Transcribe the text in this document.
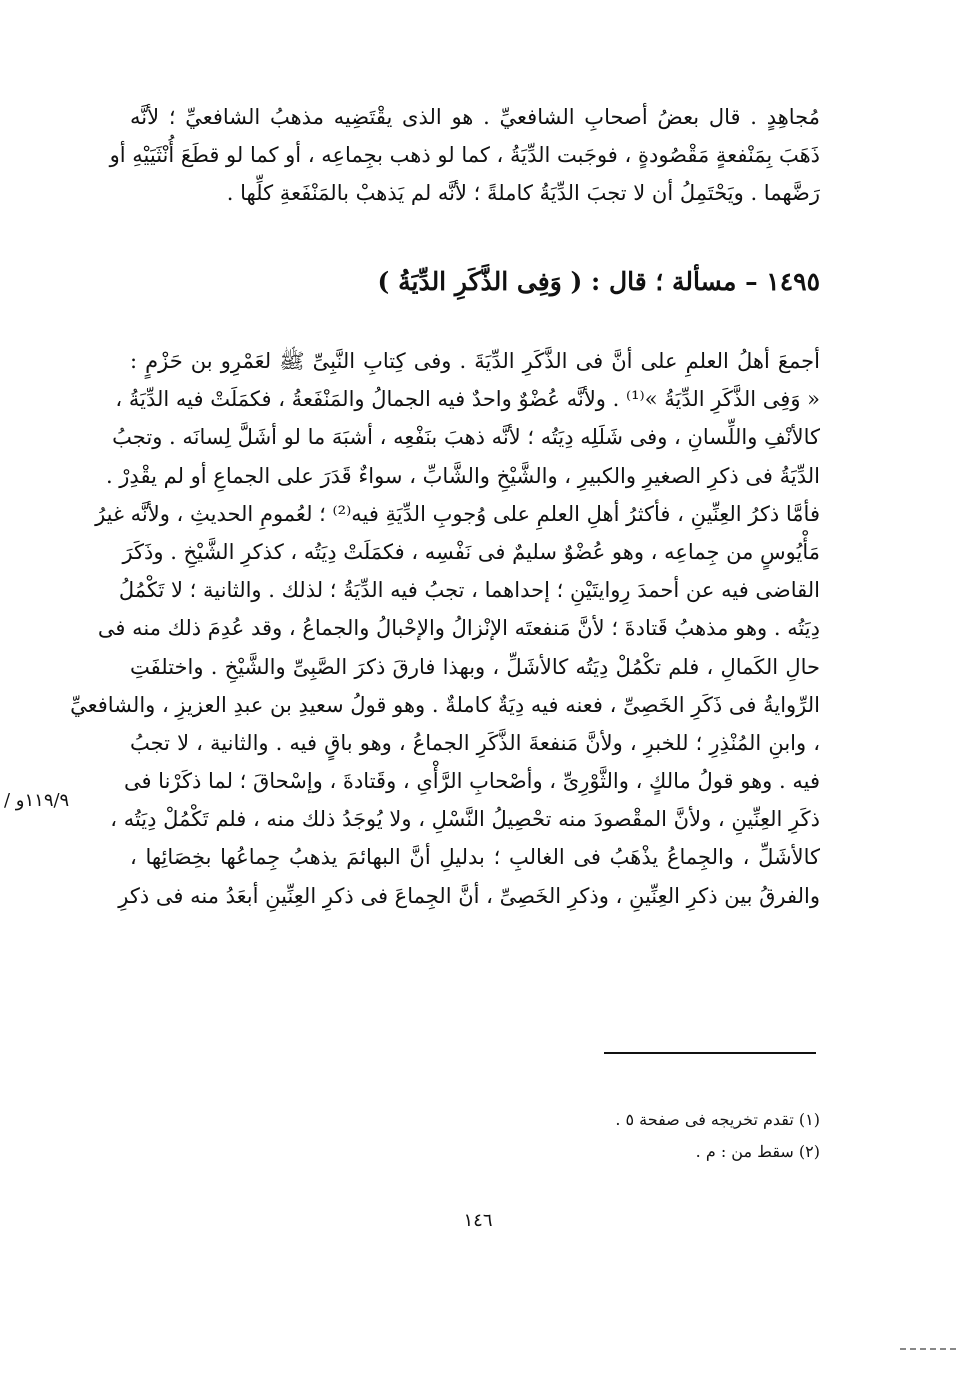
مُجاهِدٍ . قال بعضُ أصحابِ الشافعيِّ . هو الذى يقْتَضِيه مذهبُ الشافعيِّ ؛ لأنَّه
ذَهَبَ بِمَنْفعةٍ مَقْصُودةٍ ، فوجَبت الدِّيَةُ ، كما لو ذهب بجِماعِه ، أو كما لو قطَعَ أُنْثَيَيْهِ أو
رَضَّهما . ويَحْتَمِلُ أن لا تجبَ الدِّيَةُ كاملةً ؛ لأنَّه لم يَذهبْ بالمَنْفَعةِ كلِّها .
١٤٩٥ – مسألة ؛ قال : ( وَفِى الذَّكَرِ الدِّيَةُ )
أجمعَ أهلُ العلمِ على أنَّ فى الذَّكَرِ الدِّيَةَ . وفى كِتابِ النَّبِىِّ ﷺ لعَمْرِو بن حَزْمٍ :
« وَفِى الذَّكَرِ الدِّيَةُ »⁽¹⁾ . ولأنَّه عُضْوٌ واحدٌ فيه الجمالُ والمَنْفَعةُ ، فكمَلَتْ فيه الدِّيَةُ ،
كالأنْفِ واللِّسانِ ، وفى شَلَلِه دِيَتُه ؛ لأنَّه ذهبَ بنَفْعِه ، أشبَهَ ما لو أشَلَّ لِسانَه . وتجبُ
الدِّيَةُ فى ذكرِ الصغيرِ والكبيرِ ، والشَّيْخِ والشَّابِّ ، سواءٌ قَدَرَ على الجماعِ أو لم يقْدِرْ .
فأمَّا ذكرُ العِنِّينِ ، فأكثرُ أهلِ العلمِ على وُجوبِ الدِّيَةِ فيه⁽²⁾ ؛ لعُمومِ الحديثِ ، ولأنَّه غيرُ
مَأْيُوسٍ من جِماعِه ، وهو عُضْوٌ سليمٌ فى نَفْسِه ، فكمَلَتْ دِيَتُه ، كذكرِ الشَّيْخِ . وذَكَرَ
القاضى فيه عن أحمدَ رِوايتَيْنِ ؛ إحداهما ، تجبُ فيه الدِّيَةُ ؛ لذلك . والثانية ؛ لا تَكْمُلُ
دِيَتُه . وهو مذهبُ قَتادةَ ؛ لأنَّ مَنفعتَه الإنْزالُ والإحْبالُ والجماعُ ، وقد عُدِمَ ذلك منه فى
حالِ الكَمالِ ، فلم تكْمُلْ دِيَتُه كالأشَلِّ ، وبهذا فارقَ ذكرَ الصَّبِىِّ والشَّيْخِ . واختلفَتِ
الرِّوايةُ فى ذَكَرِ الخَصِىِّ ، فعنه فيه دِيَةٌ كاملةٌ . وهو قولُ سعيدِ بن عبدِ العزيزِ ، والشافعيِّ
، وابنِ المُنْذِرِ ؛ للخبرِ ، ولأنَّ مَنفعةَ الذَّكَرِ الجماعُ ، وهو باقٍ فيه . والثانية ، لا تجبُ
فيه . وهو قولُ مالكٍ ، والثَّوْرِىِّ ، وأصْحابِ الرَّأْىِ ، وقَتادةَ ، وإسْحاقَ ؛ لما ذكَرْنا فى
ذكَرِ العِنِّينِ ، ولأنَّ المقْصودَ منه تحْصِيلُ النَّسْلِ ، ولا يُوجَدُ ذلك منه ، فلم تَكْمُلْ دِيَتُه ،
كالأشَلِّ ، والجِماعُ يذْهَبُ فى الغالبِ ؛ بدليلِ أنَّ البهائمَ يذهبُ جِماعُها بخِصَائِها ،
والفرقُ بين ذكرِ العِنِّينِ ، وذكرِ الخَصِىِّ ، أنَّ الجِماعَ فى ذكرِ العِنِّينِ أبعَدُ منه فى ذكرِ
١١٩/٩و /
(١) تقدم تخريجه فى صفحة ٥ .
(٢) سقط من : م .
١٤٦
